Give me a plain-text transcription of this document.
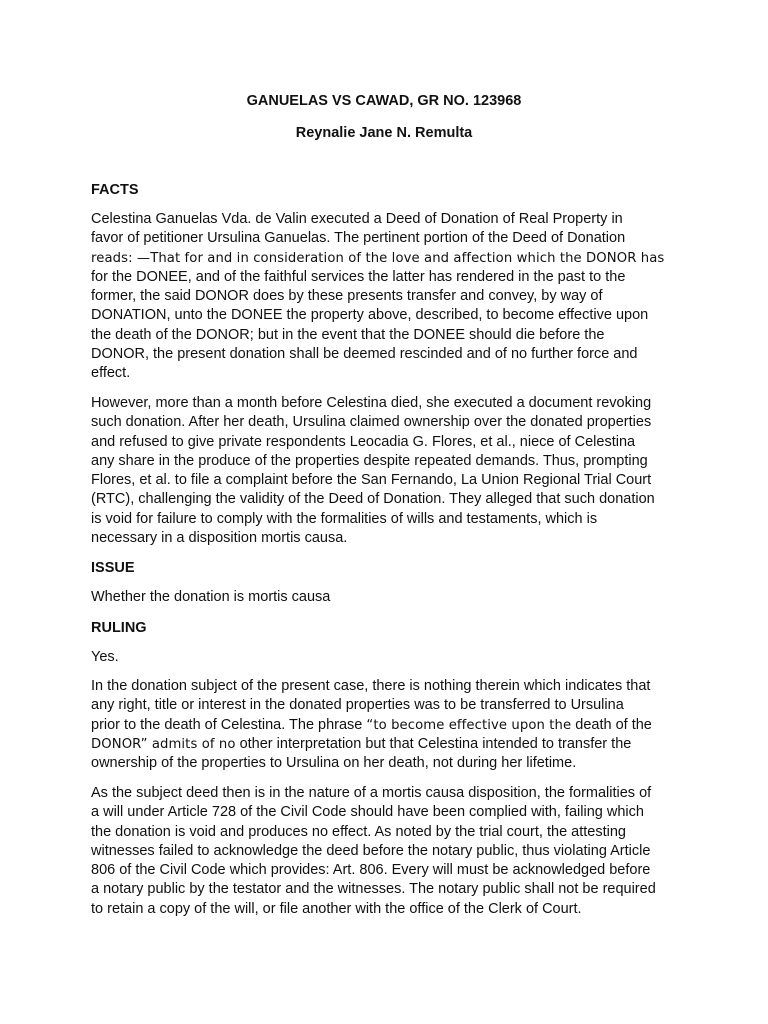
GANUELAS VS CAWAD, GR NO. 123968
Reynalie Jane N. Remulta
FACTS
Celestina Ganuelas Vda. de Valin executed a Deed of Donation of Real Property in
favor of petitioner Ursulina Ganuelas. The pertinent portion of the Deed of Donation
reads: —That for and in consideration of the love and affection which the DONOR has
for the DONEE, and of the faithful services the latter has rendered in the past to the
former, the said DONOR does by these presents transfer and convey, by way of
DONATION, unto the DONEE the property above, described, to become effective upon
the death of the DONOR; but in the event that the DONEE should die before the
DONOR, the present donation shall be deemed rescinded and of no further force and
effect.
However, more than a month before Celestina died, she executed a document revoking
such donation. After her death, Ursulina claimed ownership over the donated properties
and refused to give private respondents Leocadia G. Flores, et al., niece of Celestina
any share in the produce of the properties despite repeated demands. Thus, prompting
Flores, et al. to file a complaint before the San Fernando, La Union Regional Trial Court
(RTC), challenging the validity of the Deed of Donation. They alleged that such donation
is void for failure to comply with the formalities of wills and testaments, which is
necessary in a disposition mortis causa.
ISSUE
Whether the donation is mortis causa
RULING
Yes.
In the donation subject of the present case, there is nothing therein which indicates that
any right, title or interest in the donated properties was to be transferred to Ursulina
prior to the death of Celestina. The phrase “to become effective upon the death of the
DONOR” admits of no other interpretation but that Celestina intended to transfer the
ownership of the properties to Ursulina on her death, not during her lifetime.
As the subject deed then is in the nature of a mortis causa disposition, the formalities of
a will under Article 728 of the Civil Code should have been complied with, failing which
the donation is void and produces no effect. As noted by the trial court, the attesting
witnesses failed to acknowledge the deed before the notary public, thus violating Article
806 of the Civil Code which provides: Art. 806. Every will must be acknowledged before
a notary public by the testator and the witnesses. The notary public shall not be required
to retain a copy of the will, or file another with the office of the Clerk of Court.
